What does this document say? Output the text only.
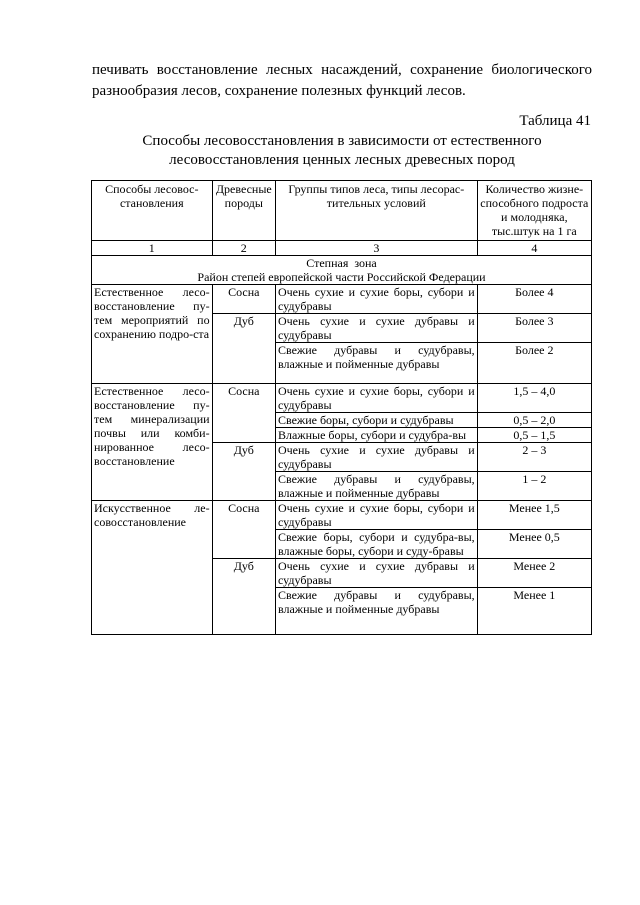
печивать восстановление лесных насаждений, сохранение биологического

разнообразия лесов, сохранение полезных функций лесов.

Таблица 41
Способы лесовосстановления в зависимости от естественного
лесовосстановления ценных лесных древесных пород
Способы лесовос-становления	Древесные породы	Группы типов леса, типы лесорас-тительных условий	Количество жизне-способного подроста и молодняка, тыс.штук на 1 га
1	2	3	4

Степная  зона
Район степей европейской части Российской Федерации			

Естественное лесо-восстановление пу-тем мероприятий по сохранению подро-ста	Сосна	Очень сухие и сухие боры, субори и судубравы	Более 4
	Дуб	Очень сухие и сухие дубравы и судубравы	Более 3
		Свежие дубравы и судубравы, влажные и пойменные дубравы	Более 2
Естественное лесо-восстановление пу-тем минерализации почвы или комби-нированное лесо-восстановление	Сосна	Очень сухие и сухие боры, субори и судубравы	1,5 – 4,0
		Свежие боры, субори и судубравы	0,5 – 2,0
		Влажные боры, субори и судубра-вы	0,5 – 1,5
	Дуб	Очень сухие и сухие дубравы и судубравы	2 – 3
		Свежие дубравы и судубравы, влажные и пойменные дубравы	1 – 2
Искусственное ле-совосстановление	Сосна	Очень сухие и сухие боры, субори и судубравы	Менее 1,5
		Свежие боры, субори и судубра-вы, влажные боры, субори и суду-бравы	Менее 0,5
	Дуб	Очень сухие и сухие дубравы и судубравы	Менее 2
		Свежие дубравы и судубравы, влажные и пойменные дубравы	Менее 1
